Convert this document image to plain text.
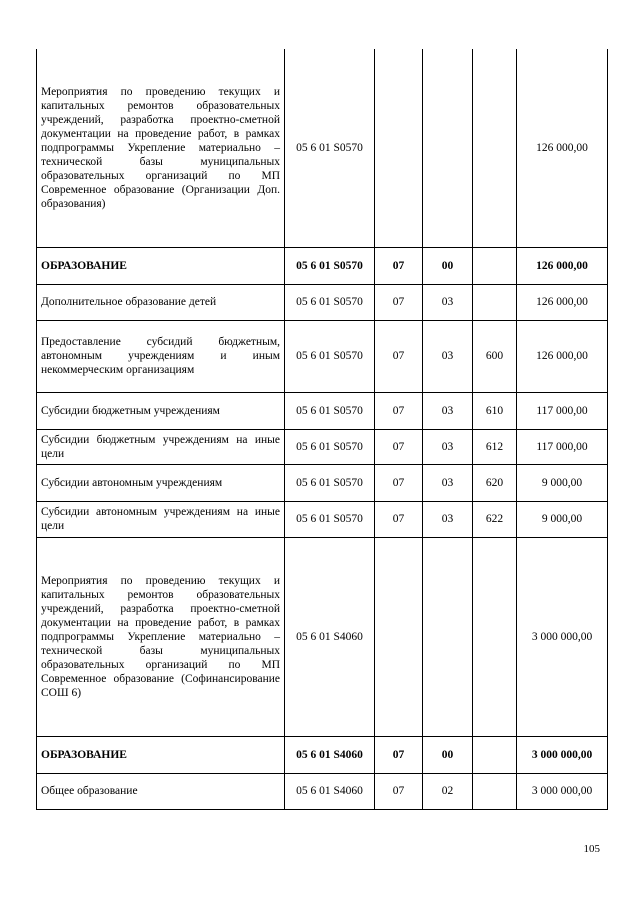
Мероприятия по проведению текущих и капитальных ремонтов образовательных учреждений, разработка проектно-сметной документации на проведение работ, в рамках подпрограммы Укрепление материально – технической базы муниципальных образовательных организаций по МП Современное образование (Организации Доп. образования)	05 6 01 S0570				126 000,00
ОБРАЗОВАНИЕ	05 6 01 S0570	07	00		126 000,00
Дополнительное образование детей	05 6 01 S0570	07	03		126 000,00
Предоставление субсидий бюджетным, автономным учреждениям и иным некоммерческим организациям	05 6 01 S0570	07	03	600	126 000,00
Субсидии бюджетным учреждениям	05 6 01 S0570	07	03	610	117 000,00
Субсидии бюджетным учреждениям на иные цели	05 6 01 S0570	07	03	612	117 000,00
Субсидии автономным учреждениям	05 6 01 S0570	07	03	620	9 000,00
Субсидии автономным учреждениям на иные цели	05 6 01 S0570	07	03	622	9 000,00
Мероприятия по проведению текущих и капитальных ремонтов образовательных учреждений, разработка проектно-сметной документации на проведение работ, в рамках подпрограммы Укрепление материально – технической базы муниципальных образовательных организаций по МП Современное образование (Софинансирование СОШ 6)	05 6 01 S4060				3 000 000,00
ОБРАЗОВАНИЕ	05 6 01 S4060	07	00		3 000 000,00
Общее образование	05 6 01 S4060	07	02		3 000 000,00
105
